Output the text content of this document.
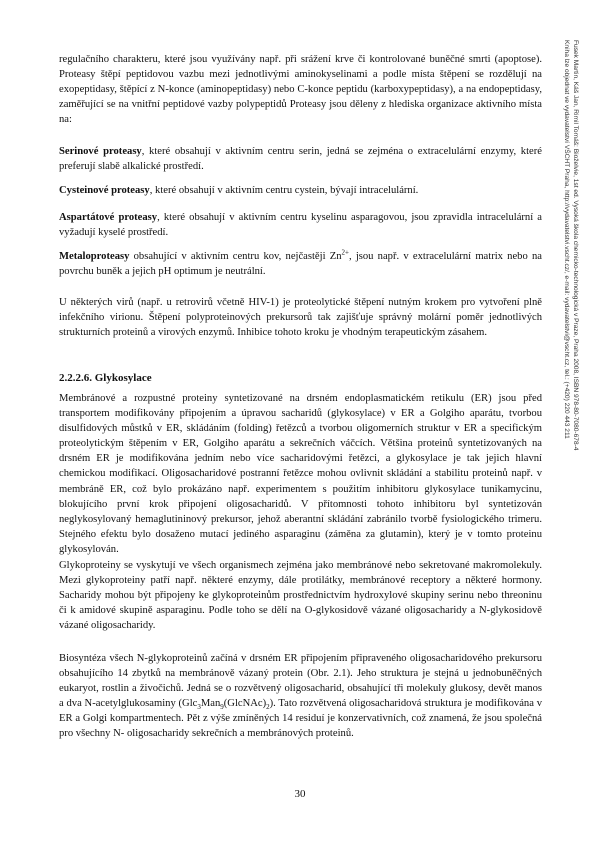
Fusek Martin, Káš Jan, Rimil Tomáš: Bioželvie, 1st ed. Vysoká škola chemicko-technologická v Praze, Praha 2008, ISBN 978-80-7080-678-4
Kniha lze objednat ve vydavatelství VŠCHT Praha, http://vydavatelstvi.vscht.cz/, e-mail: vydavatelstvi@vscht.cz, tel.: (+420) 220 443 211

regulačního charakteru, které jsou využívány např. při srážení krve či kontrolované buněčné smrti (apoptose). Proteasy štěpí peptidovou vazbu mezi jednotlivými aminokyselinami a podle místa štěpení se rozdělují na exopeptidasy, štěpící z N-konce (aminopeptidasy) nebo C-konce peptidu (karboxypeptidasy), a na endopeptidasy, zaměřující se na vnitřní peptidové vazby polypeptidů Proteasy jsou děleny z hlediska organizace aktivního místa na:

Serinové proteasy, které obsahují v aktivním centru serin, jedná se zejména o extracelulární enzymy, které preferují slabě alkalické prostředí.

Cysteinové proteasy, které obsahují v aktivním centru cystein, bývají intracelulární.

Aspartátové proteasy, které obsahují v aktivním centru kyselinu asparagovou, jsou zpravidla intracelulární a vyžadují kyselé prostředí.

Metaloproteasy obsahující v aktivním centru kov, nejčastěji $Zn^{2+}$, jsou např. v extracelulární matrix nebo na povrchu buněk a jejich pH optimum je neutrální.

U některých virů (např. u retrovirů včetně HIV-1) je proteolytické štěpení nutným krokem pro vytvoření plně infekčního virionu. Štěpení polyproteinových prekursorů tak zajišťuje správný molární poměr jednotlivých strukturních proteinů a virových enzymů. Inhibice tohoto kroku je vhodným terapeutickým zásahem.

2.2.2.6. Glykosylace

Membránové a rozpustné proteiny syntetizované na drsném endoplasmatickém retikulu (ER) jsou před transportem modifikovány připojením a úpravou sacharidů (glykosylace) v ER a Golgiho aparátu, tvorbou disulfidových můstků v ER, skládáním (folding) řetězců a tvorbou oligomerních struktur v ER a specifickým proteolytickým štěpením v ER, Golgiho aparátu a sekrečních váčcích. Většina proteinů syntetizovaných na drsném ER je modifikována jedním nebo více sacharidovými řetězci, a glykosylace je tak jejich hlavní chemickou modifikací. Oligosacharidové postranní řetězce mohou ovlivnit skládání a stabilitu proteinů např. v membráně ER, což bylo prokázáno např. experimentem s použitím inhibitoru glykosylace tunikamycinu, blokujícího první krok připojení oligosacharidů. V přítomnosti tohoto inhibitoru byl syntetizován neglykosylovaný hemaglutininový prekursor, jehož aberantní skládání zabránilo tvorbě fysiologického trimeru. Stejného efektu bylo dosaženo mutací jediného asparaginu (záměna za glutamin), který je v tomto proteinu glykosylován.

Glykoproteiny se vyskytují ve všech organismech zejména jako membránové nebo sekretované makromolekuly. Mezi glykoproteiny patří např. některé enzymy, dále protilátky, membránové receptory a některé hormony. Sacharidy mohou být připojeny ke glykoproteinům prostřednictvím hydroxylové skupiny serinu nebo threoninu či k amidové skupině asparaginu. Podle toho se dělí na O-glykosidově vázané oligosacharidy a N-glykosidově vázané oligosacharidy.

Biosyntéza všech N-glykoproteinů začíná v drsném ER připojením připraveného oligosacharidového prekursoru obsahujícího 14 zbytků na membránově vázaný protein (Obr. 2.1). Jeho struktura je stejná u jednobuněčných eukaryot, rostlin a živočichů. Jedná se o rozvětvený oligosacharid, obsahující tři molekuly glukosy, devět manos a dva N-acetylglukosaminy $(Glc_3Man_9(GlcNAc)_2)$. Tato rozvětvená oligosacharidová struktura je modifikována v ER a Golgi kompartmentech. Pět z výše zmíněných 14 residuí je konzervativních, což znamená, že jsou společná pro všechny N- oligosacharidy sekrečních a membránových proteinů.

30
